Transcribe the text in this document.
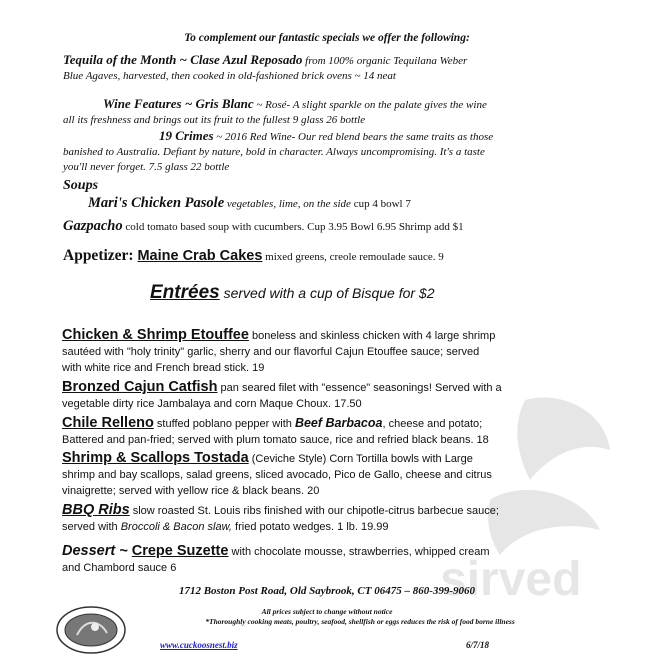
sirved
To complement our fantastic specials we offer the following:
Tequila of the Month ~ Clase Azul Reposado from 100% organic Tequilana Weber
Blue Agaves, harvested, then cooked in old-fashioned brick ovens ~ 14 neat
Wine Features ~ Gris Blanc ~ Rosé- A slight sparkle on the palate gives the wine
all its freshness and brings out its fruit to the fullest 9 glass 26 bottle
19 Crimes ~ 2016 Red Wine- Our red blend bears the same traits as those
banished to Australia. Defiant by nature, bold in character. Always uncompromising. It's a taste
you'll never forget. 7.5 glass 22 bottle
Soups
Mari's Chicken Pasole vegetables, lime, on the side cup 4 bowl 7
Gazpacho cold tomato based soup with cucumbers. Cup 3.95 Bowl 6.95 Shrimp add $1
Appetizer: Maine Crab Cakes mixed greens, creole remoulade sauce. 9
Entrées served with a cup of Bisque for $2
Chicken & Shrimp Etouffee boneless and skinless chicken with 4 large shrimp
sautéed with "holy trinity" garlic, sherry and our flavorful Cajun Etouffee sauce; served
with white rice and French bread stick. 19
Bronzed Cajun Catfish pan seared filet with "essence" seasonings! Served with a
vegetable dirty rice Jambalaya and corn Maque Choux. 17.50
Chile Relleno stuffed poblano pepper with Beef Barbacoa, cheese and potato;
Battered and pan-fried; served with plum tomato sauce, rice and refried black beans. 18
Shrimp & Scallops Tostada (Ceviche Style) Corn Tortilla bowls with Large
shrimp and bay scallops, salad greens, sliced avocado, Pico de Gallo, cheese and citrus
vinaigrette; served with yellow rice & black beans. 20
BBQ Ribs slow roasted St. Louis ribs finished with our chipotle-citrus barbecue sauce;
served with Broccoli & Bacon slaw, fried potato wedges. 1 lb. 19.99
Dessert ~ Crepe Suzette with chocolate mousse, strawberries, whipped cream
and Chambord sauce 6
1712 Boston Post Road, Old Saybrook, CT 06475 – 860-399-9060
All prices subject to change without notice
*Thoroughly cooking meats, poultry, seafood, shellfish or eggs reduces the risk of food borne illness
www.cuckoosnest.biz	6/7/18
